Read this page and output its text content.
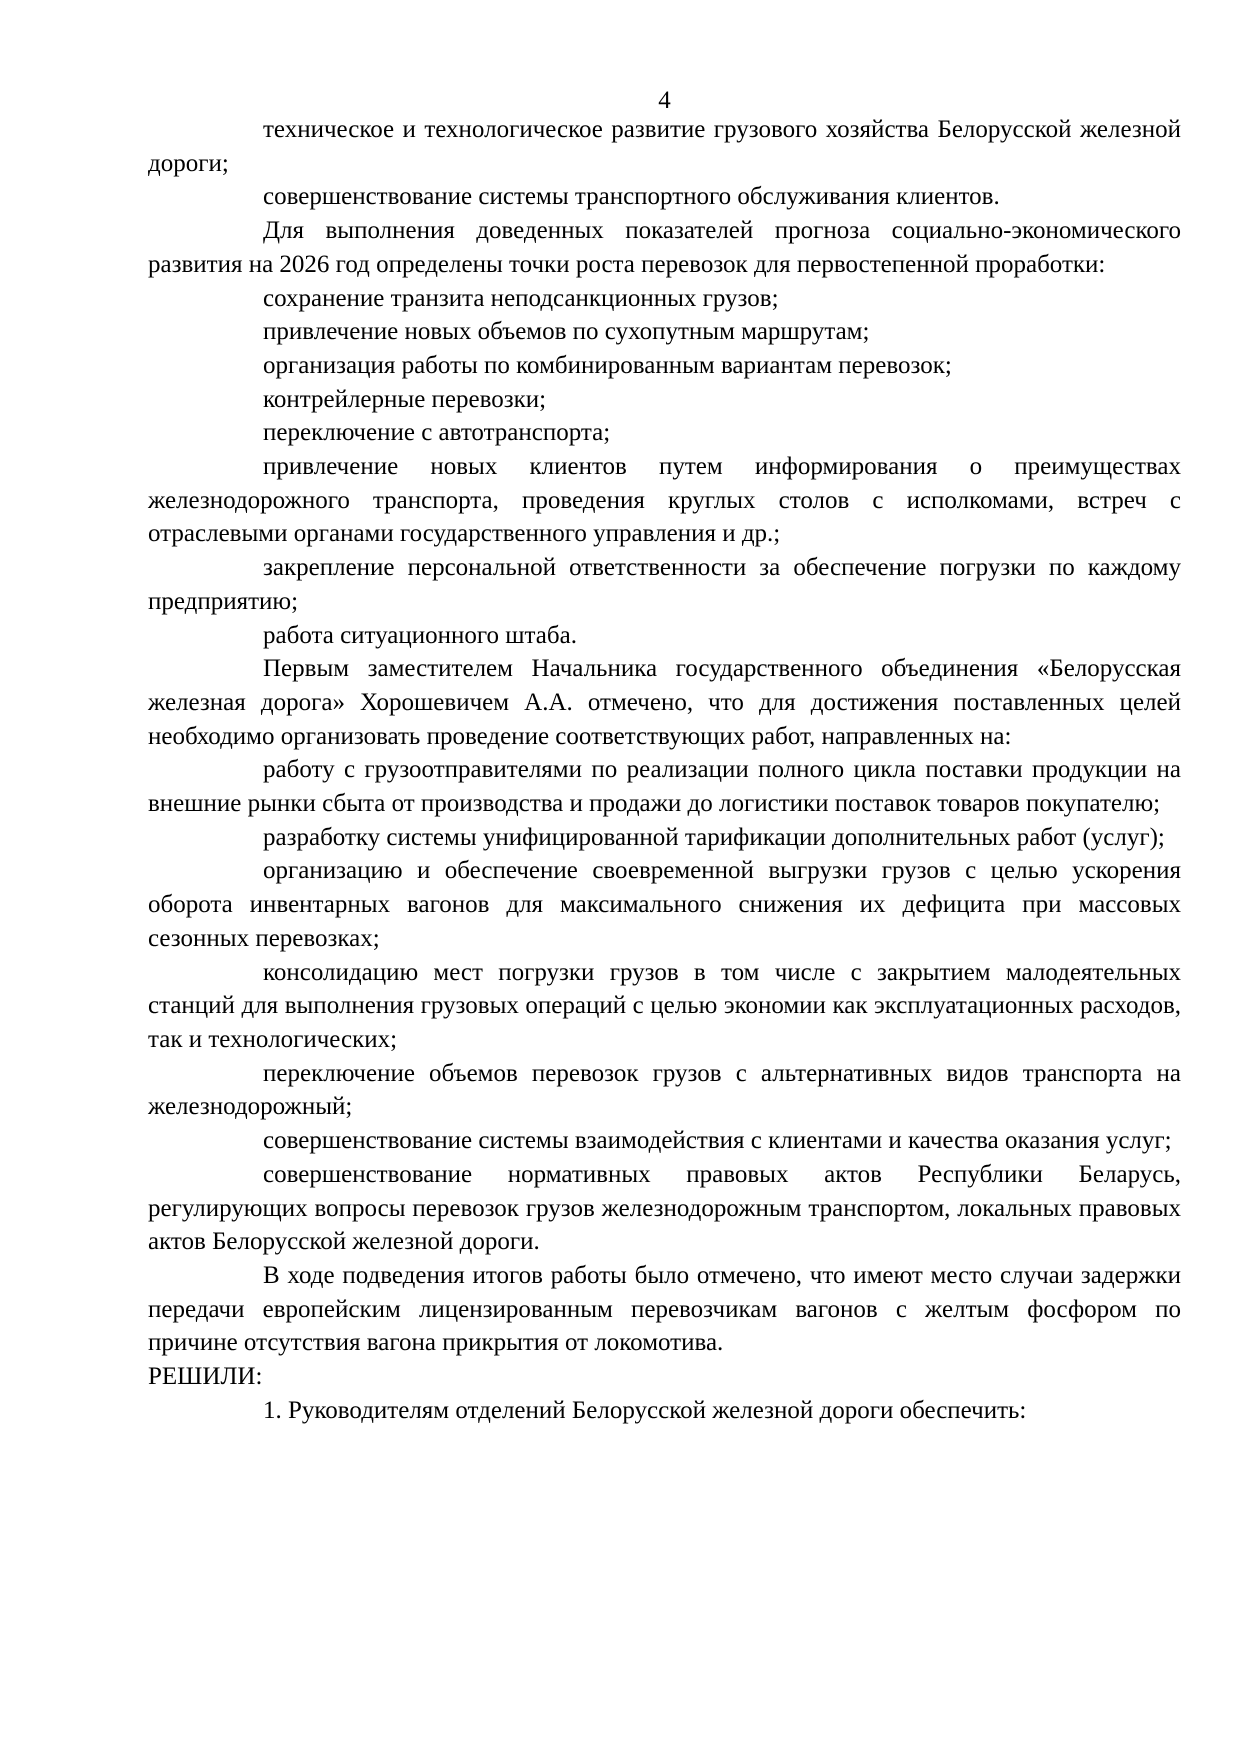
4

техническое и технологическое развитие грузового хозяйства Белорусской железной дороги;

совершенствование системы транспортного обслуживания клиентов.

Для выполнения доведенных показателей прогноза социально-экономического развития на 2026 год определены точки роста перевозок для первостепенной проработки:

сохранение транзита неподсанкционных грузов;

привлечение новых объемов по сухопутным маршрутам;

организация работы по комбинированным вариантам перевозок;

контрейлерные перевозки;

переключение с автотранспорта;

привлечение новых клиентов путем информирования о преимуществах железнодорожного транспорта, проведения круглых столов с исполкомами, встреч с отраслевыми органами государственного управления и др.;

закрепление персональной ответственности за обеспечение погрузки по каждому предприятию;

работа ситуационного штаба.

Первым заместителем Начальника государственного объединения «Белорусская железная дорога» Хорошевичем А.А. отмечено, что для достижения поставленных целей необходимо организовать проведение соответствующих работ, направленных на:

работу с грузоотправителями по реализации полного цикла поставки продукции на внешние рынки сбыта от производства и продажи до логистики поставок товаров покупателю;

разработку системы унифицированной тарификации дополнительных работ (услуг);

организацию и обеспечение своевременной выгрузки грузов с целью ускорения оборота инвентарных вагонов для максимального снижения их дефицита при массовых сезонных перевозках;

консолидацию мест погрузки грузов в том числе с закрытием малодеятельных станций для выполнения грузовых операций с целью экономии как эксплуатационных расходов, так и технологических;

переключение объемов перевозок грузов с альтернативных видов транспорта на железнодорожный;

совершенствование системы взаимодействия с клиентами и качества оказания услуг;

совершенствование нормативных правовых актов Республики Беларусь, регулирующих вопросы перевозок грузов железнодорожным транспортом, локальных правовых актов Белорусской железной дороги.

В ходе подведения итогов работы было отмечено, что имеют место случаи задержки передачи европейским лицензированным перевозчикам вагонов с желтым фосфором по причине отсутствия вагона прикрытия от локомотива.

РЕШИЛИ:

1. Руководителям отделений Белорусской железной дороги обеспечить:
